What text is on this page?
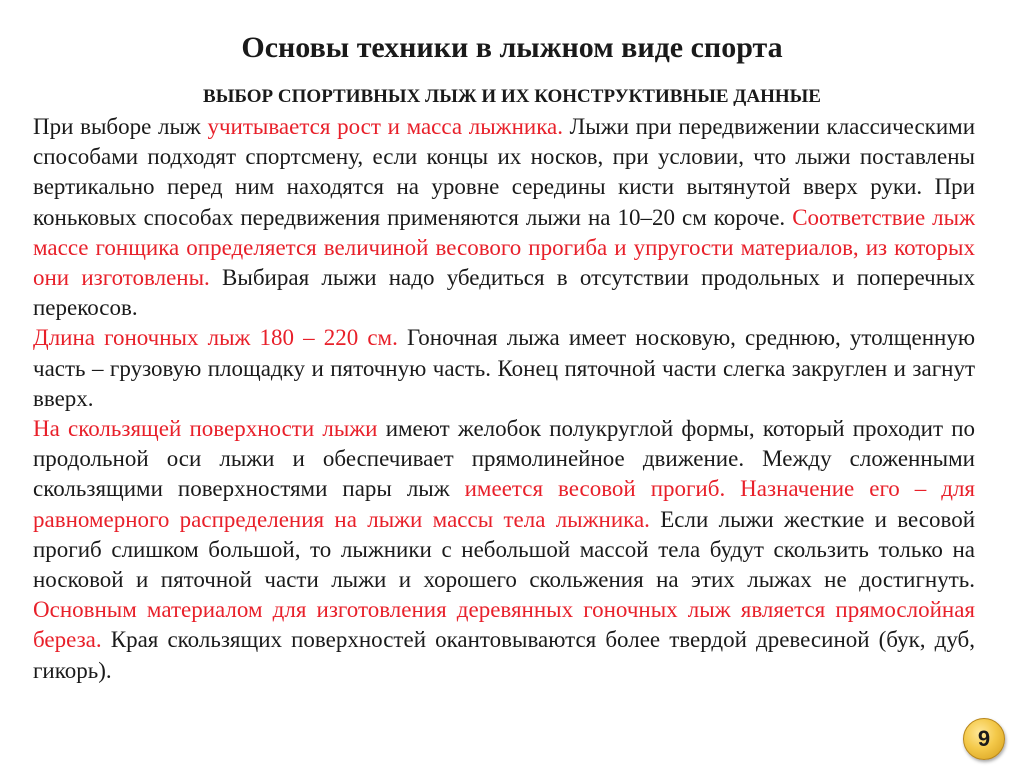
Основы техники в лыжном виде спорта
ВЫБОР СПОРТИВНЫХ ЛЫЖ И ИХ КОНСТРУКТИВНЫЕ ДАННЫЕ

При выборе лыж учитывается рост и масса лыжника. Лыжи при передвижении классическими способами подходят спортсмену, если концы их носков, при условии, что лыжи поставлены вертикально перед ним находятся на уровне середины кисти вытянутой вверх руки. При коньковых способах передвижения применяются лыжи на 10–20 см короче. Соответствие лыж массе гонщика определяется величиной весового прогиба и упругости материалов, из которых они изготовлены. Выбирая лыжи надо убедиться в отсутствии продольных и поперечных перекосов.

Длина гоночных лыж 180 – 220 см. Гоночная лыжа имеет носковую, среднюю, утолщенную часть – грузовую площадку и пяточную часть. Конец пяточной части слегка закруглен и загнут вверх.

На скользящей поверхности лыжи имеют желобок полукруглой формы, который проходит по продольной оси лыжи и обеспечивает прямолинейное движение. Между сложенными скользящими поверхностями пары лыж имеется весовой прогиб. Назначение его – для равномерного распределения на лыжи массы тела лыжника. Если лыжи жесткие и весовой прогиб слишком большой, то лыжники с небольшой массой тела будут скользить только на носковой и пяточной части лыжи и хорошего скольжения на этих лыжах не достигнуть. Основным материалом для изготовления деревянных гоночных лыж является прямослойная береза. Края скользящих поверхностей окантовываются более твердой древесиной (бук, дуб, гикорь).

9
